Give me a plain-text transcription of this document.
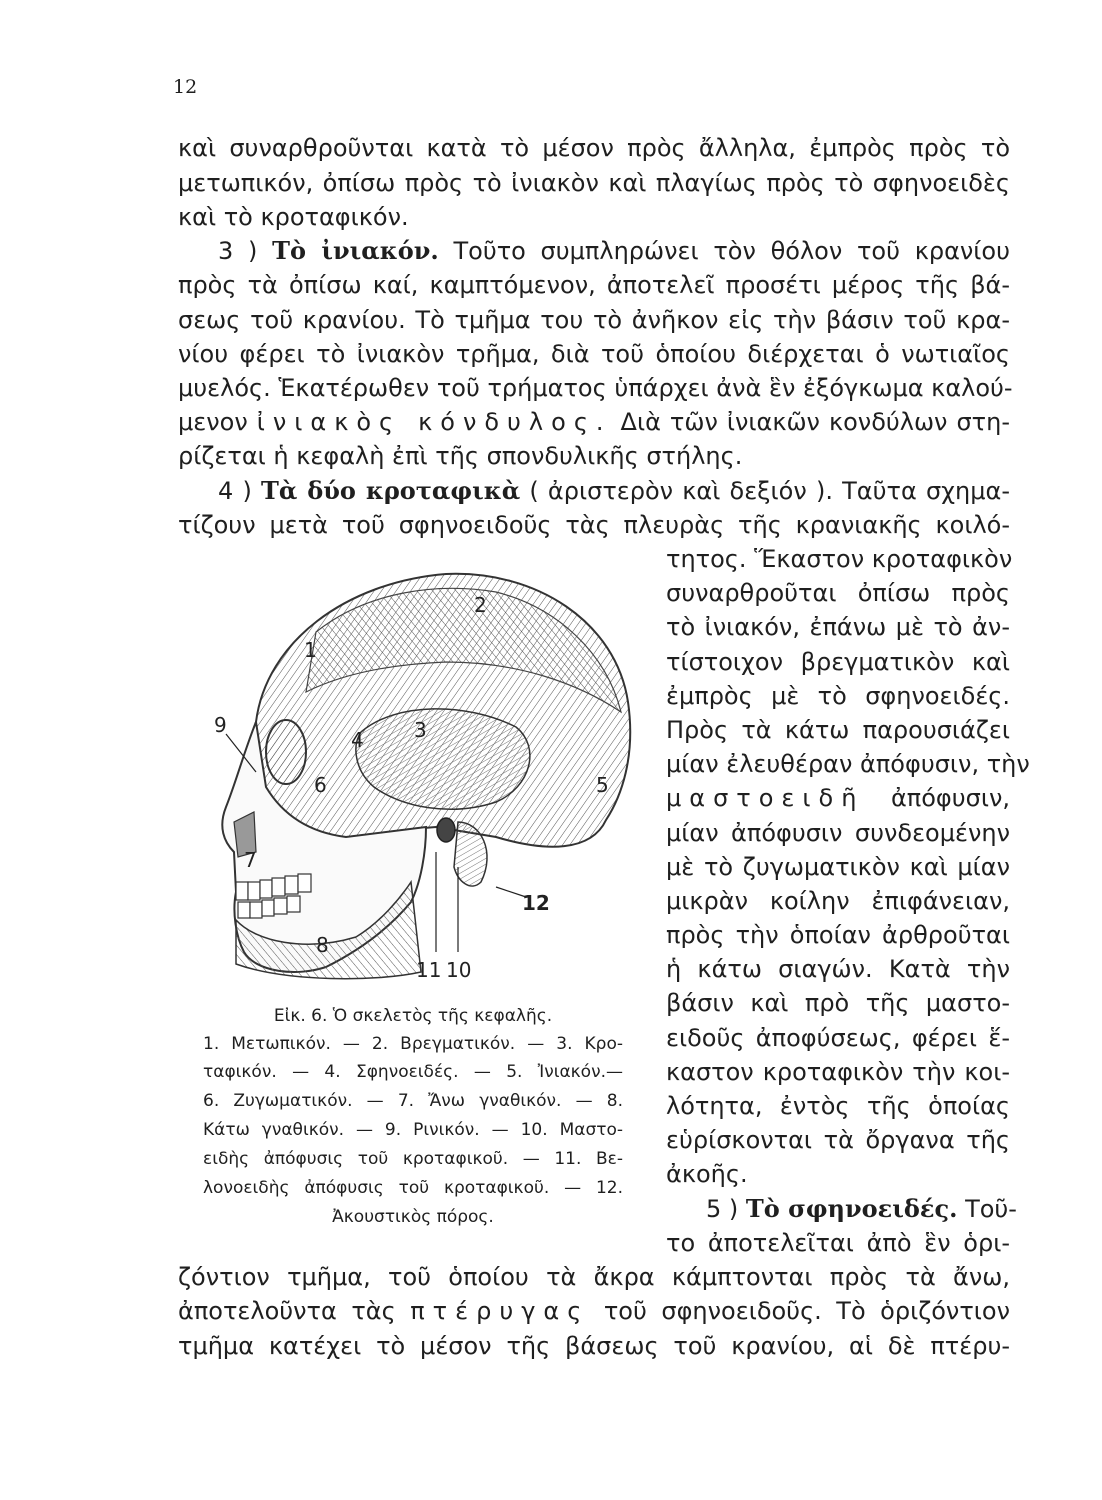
12
καὶ συναρθροῦνται κατὰ τὸ μέσον πρὸς ἄλληλα, ἐμπρὸς πρὸς τὸ
μετωπικόν, ὀπίσω πρὸς τὸ ἰνιακὸν καὶ πλαγίως πρὸς τὸ σφηνοειδὲς
καὶ τὸ κροταφικόν.
3 ) Τὸ ἰνιακόν. Τοῦτο συμπληρώνει τὸν θόλον τοῦ κρανίου
πρὸς τὰ ὀπίσω καί, καμπτόμενον, ἀποτελεῖ προσέτι μέρος τῆς βά-
σεως τοῦ κρανίου. Τὸ τμῆμα του τὸ ἀνῆκον εἰς τὴν βάσιν τοῦ κρα-
νίου φέρει τὸ ἰνιακὸν τρῆμα, διὰ τοῦ ὁποίου διέρχεται ὁ νωτιαῖος
μυελός. Ἑκατέρωθεν τοῦ τρήματος ὑπάρχει ἀνὰ ἓν ἐξόγκωμα καλού-
μενον ἰνιακὸς κόνδυλος. Διὰ τῶν ἰνιακῶν κονδύλων στη-
ρίζεται ἡ κεφαλὴ ἐπὶ τῆς σπονδυλικῆς στήλης.
4 ) Τὰ δύο κροταφικὰ ( ἀριστερὸν καὶ δεξιόν ). Ταῦτα σχημα-
τίζουν μετὰ τοῦ σφηνοειδοῦς τὰς πλευρὰς τῆς κρανιακῆς κοιλό-
τητος. Ἕκαστον κροταφικὸν
συναρθροῦται ὀπίσω πρὸς
τὸ ἰνιακόν, ἐπάνω μὲ τὸ ἀν-
τίστοιχον βρεγματικὸν καὶ
ἐμπρὸς μὲ τὸ σφηνοειδές.
Πρὸς τὰ κάτω παρουσιάζει
μίαν ἐλευθέραν ἀπόφυσιν, τὴν
μαστοειδῆ ἀπόφυσιν,
μίαν ἀπόφυσιν συνδεομένην
μὲ τὸ ζυγωματικὸν καὶ μίαν
μικρὰν κοίλην ἐπιφάνειαν,
πρὸς τὴν ὁποίαν ἀρθροῦται
ἡ κάτω σιαγών. Κατὰ τὴν
βάσιν καὶ πρὸ τῆς μαστο-
ειδοῦς ἀποφύσεως, φέρει ἕ-
καστον κροταφικὸν τὴν κοι-
λότητα, ἐντὸς τῆς ὁποίας
εὑρίσκονται τὰ ὄργανα τῆς
ἀκοῆς.
5 ) Τὸ σφηνοειδές. Τοῦ-
το ἀποτελεῖται ἀπὸ ἓν ὁρι-
ζόντιον τμῆμα, τοῦ ὁποίου τὰ ἄκρα κάμπτονται πρὸς τὰ ἄνω,
ἀποτελοῦντα τὰς πτέρυγας τοῦ σφηνοειδοῦς. Τὸ ὁριζόντιον
τμῆμα κατέχει τὸ μέσον τῆς βάσεως τοῦ κρανίου, αἱ δὲ πτέρυ-
1
2
3
4
5
6
7
8
9
10
11
12
Εἰκ. 6. Ὁ σκελετὸς τῆς κεφαλῆς.
1. Μετωπικόν. — 2. Βρεγματικόν. — 3. Κρο-
ταφικόν. — 4. Σφηνοειδές. — 5. Ἰνιακόν.—
6. Ζυγωματικόν. — 7. Ἄνω γναθικόν. — 8.
Κάτω γναθικόν. — 9. Ρινικόν. — 10. Μαστο-
ειδὴς ἀπόφυσις τοῦ κροταφικοῦ. — 11. Βε-
λονοειδὴς ἀπόφυσις τοῦ κροταφικοῦ. — 12.
Ἀκουστικὸς πόρος.
